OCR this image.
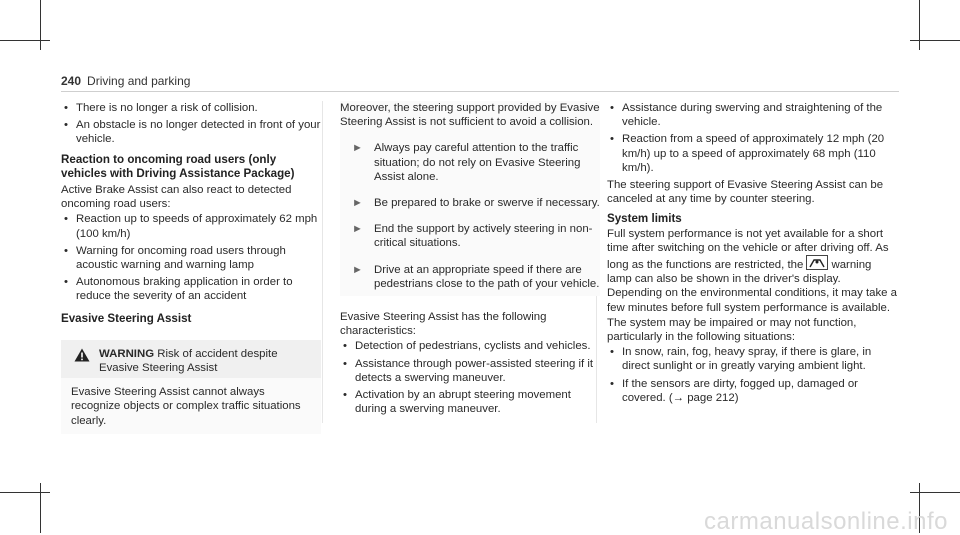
240 Driving and parking
• There is no longer a risk of collision.
• An obstacle is no longer detected in front of your vehicle.
Reaction to oncoming road users (only vehicles with Driving Assistance Package)

Active Brake Assist can also react to detected oncoming road users:

• Reaction up to speeds of approximately 62 mph (100 km/h)
• Warning for oncoming road users through acoustic warning and warning lamp
• Autonomous braking application in order to reduce the severity of an accident
Evasive Steering Assist
WARNING Risk of accident despite Evasive Steering Assist
Evasive Steering Assist cannot always recognize objects or complex traffic situations clearly.

Moreover, the steering support provided by Evasive Steering Assist is not sufficient to avoid a collision.

► Always pay careful attention to the traffic situation; do not rely on Evasive Steering Assist alone.
► Be prepared to brake or swerve if necessary.
► End the support by actively steering in non-critical situations.
► Drive at an appropriate speed if there are pedestrians close to the path of your vehicle.

Evasive Steering Assist has the following characteristics:

• Detection of pedestrians, cyclists and vehicles.
• Assistance through power-assisted steering if it detects a swerving maneuver.
• Activation by an abrupt steering movement during a swerving maneuver.
• Assistance during swerving and straightening of the vehicle.
• Reaction from a speed of approximately 12 mph (20 km/h) up to a speed of approximately 68 mph (110 km/h).

The steering support of Evasive Steering Assist can be canceled at any time by counter steering.

System limits

Full system performance is not yet available for a short time after switching on the vehicle or after driving off. As long as the functions are restricted, the warning lamp can also be shown in the driver's display. Depending on the environmental conditions, it may take a few minutes before full system performance is available.

The system may be impaired or may not function, particularly in the following situations:

• In snow, rain, fog, heavy spray, if there is glare, in direct sunlight or in greatly varying ambient light.
• If the sensors are dirty, fogged up, damaged or covered. (→ page 212)
carmanualsonline.info
